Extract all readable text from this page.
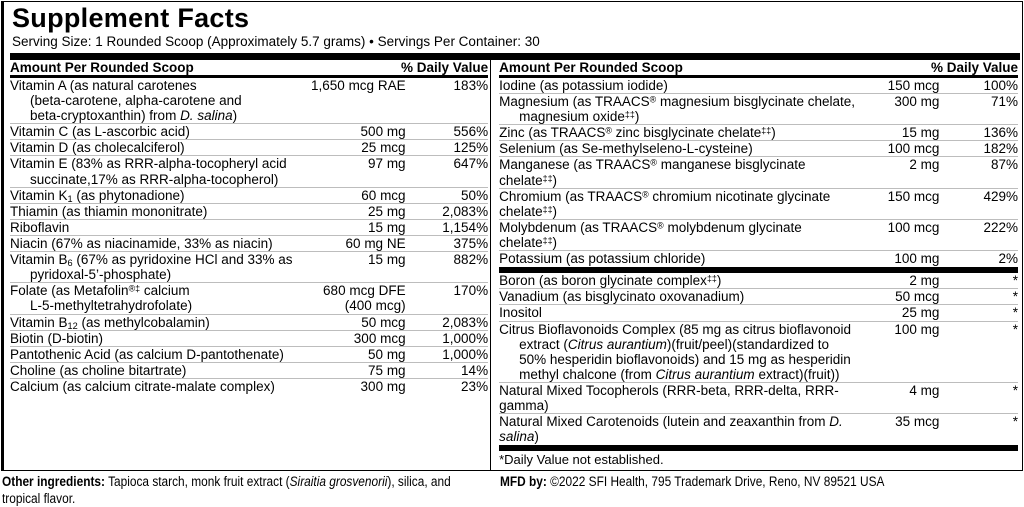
Supplement Facts
Serving Size: 1 Rounded Scoop (Approximately 5.7 grams) • Servings Per Container: 30
Amount Per Rounded Scoop	% Daily Value	
Vitamin A (as natural carotenes
(beta-carotene, alpha-carotene and
beta-cryptoxanthin) from D. salina)	1,650 mcg RAE	183%
Vitamin C (as L-ascorbic acid)	500 mg	556%
Vitamin D (as cholecalciferol)	25 mcg	125%
Vitamin E (83% as RRR-alpha-tocopheryl acid
succinate,17% as RRR-alpha-tocopherol)	97 mg	647%
Vitamin $K_1$ (as phytonadione)	60 mcg	50%
Thiamin (as thiamin mononitrate)	25 mg	2,083%
Riboflavin	15 mg	1,154%
Niacin (67% as niacinamide, 33% as niacin)	60 mg NE	375%
Vitamin $B_6$ (67% as pyridoxine HCl and 33% as
pyridoxal-5’-phosphate)	15 mg	882%
Folate (as Metafolin®‡ calcium
L-5-methyltetrahydrofolate)	680 mcg DFE
(400 mcg)	170%
Vitamin $B_{12}$ (as methylcobalamin)	50 mcg	2,083%
Biotin (D-biotin)	300 mcg	1,000%
Pantothenic Acid (as calcium D-pantothenate)	50 mg	1,000%
Choline (as choline bitartrate)	75 mg	14%
Calcium (as calcium citrate-malate complex)	300 mg	23%
Amount Per Rounded Scoop	% Daily Value	
Iodine (as potassium iodide)	150 mcg	100%
Magnesium (as TRAACS® magnesium bisglycinate chelate,
magnesium oxide‡‡)	300 mg	71%
Zinc (as TRAACS® zinc bisglycinate chelate‡‡)	15 mg	136%
Selenium (as Se-methylseleno-L-cysteine)	100 mcg	182%
Manganese (as TRAACS® manganese bisglycinate chelate‡‡)	2 mg	87%
Chromium (as TRAACS® chromium nicotinate glycinate chelate‡‡)	150 mcg	429%
Molybdenum (as TRAACS® molybdenum glycinate chelate‡‡)	100 mcg	222%
Potassium (as potassium chloride)	100 mg	2%

Boron (as boron glycinate complex‡‡)	2 mg	*
Vanadium (as bisglycinato oxovanadium)	50 mcg	*
Inositol	25 mg	*
Citrus Bioflavonoids Complex (85 mg as citrus bioflavonoid
extract (Citrus aurantium)(fruit/peel)(standardized to
50% hesperidin bioflavonoids) and 15 mg as hesperidin
methyl chalcone (from Citrus aurantium extract)(fruit))	100 mg	*
Natural Mixed Tocopherols (RRR-beta, RRR-delta, RRR-gamma)	4 mg	*
Natural Mixed Carotenoids (lutein and zeaxanthin from D. salina)	35 mcg	*
*Daily Value not established.
Other ingredients: Tapioca starch, monk fruit extract (Siraitia grosvenorii), silica, and tropical flavor.
MFD by: ©2022 SFI Health, 795 Trademark Drive, Reno, NV 89521 USA
